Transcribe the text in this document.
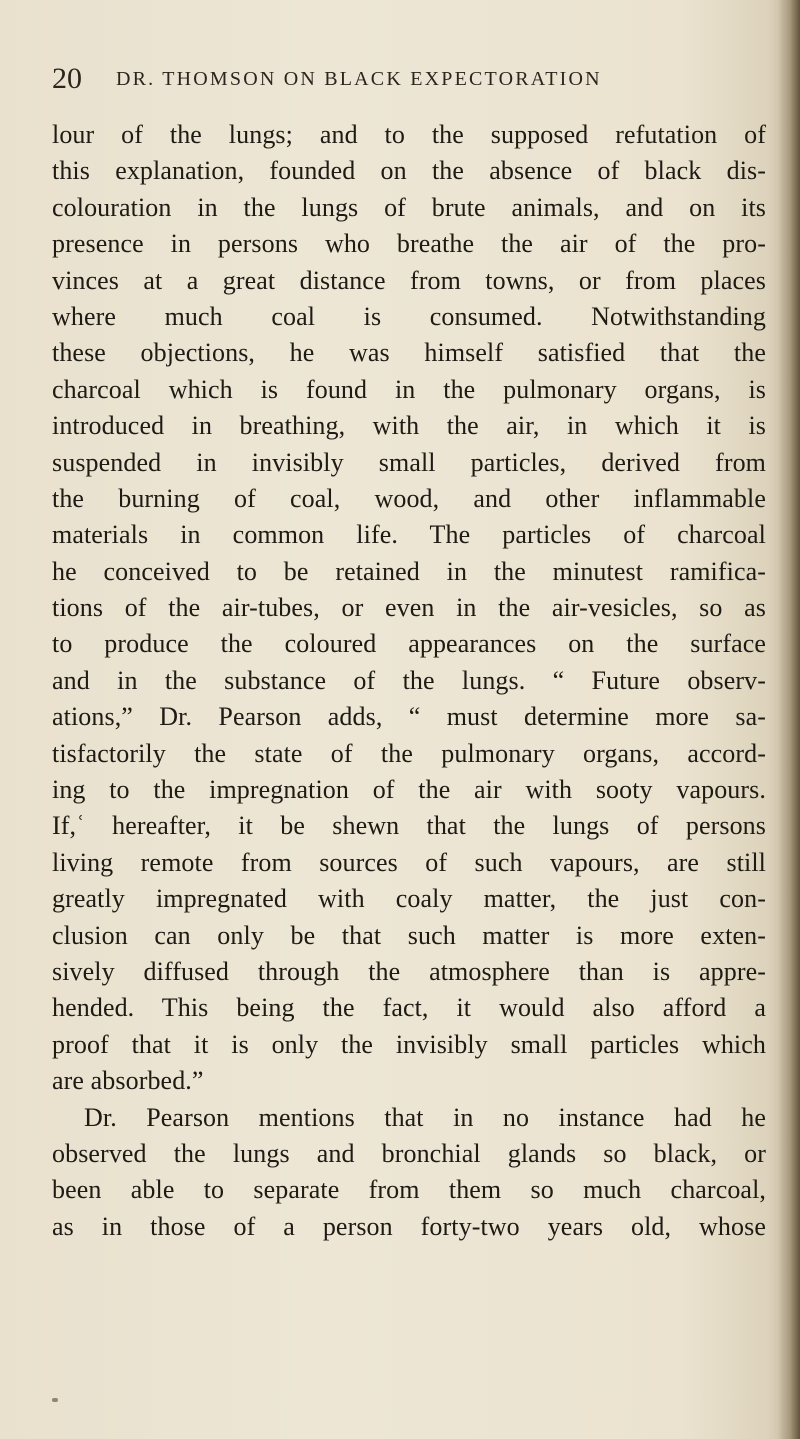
20 DR. THOMSON ON BLACK EXPECTORATION
lour of the lungs; and to the supposed refutation of
this explanation, founded on the absence of black dis-
colouration in the lungs of brute animals, and on its
presence in persons who breathe the air of the pro-
vinces at a great distance from towns, or from places
where much coal is consumed. Notwithstanding
these objections, he was himself satisfied that the
charcoal which is found in the pulmonary organs, is
introduced in breathing, with the air, in which it is
suspended in invisibly small particles, derived from
the burning of coal, wood, and other inflammable
materials in common life. The particles of charcoal
he conceived to be retained in the minutest ramifica-
tions of the air-tubes, or even in the air-vesicles, so as
to produce the coloured appearances on the surface
and in the substance of the lungs. “ Future observ-
ations,” Dr. Pearson adds, “ must determine more sa-
tisfactorily the state of the pulmonary organs, accord-
ing to the impregnation of the air with sooty vapours.
If,ʿ hereafter, it be shewn that the lungs of persons
living remote from sources of such vapours, are still
greatly impregnated with coaly matter, the just con-
clusion can only be that such matter is more exten-
sively diffused through the atmosphere than is appre-
hended. This being the fact, it would also afford a
proof that it is only the invisibly small particles which
are absorbed.”
Dr. Pearson mentions that in no instance had he
observed the lungs and bronchial glands so black, or
been able to separate from them so much charcoal,
as in those of a person forty-two years old, whose
